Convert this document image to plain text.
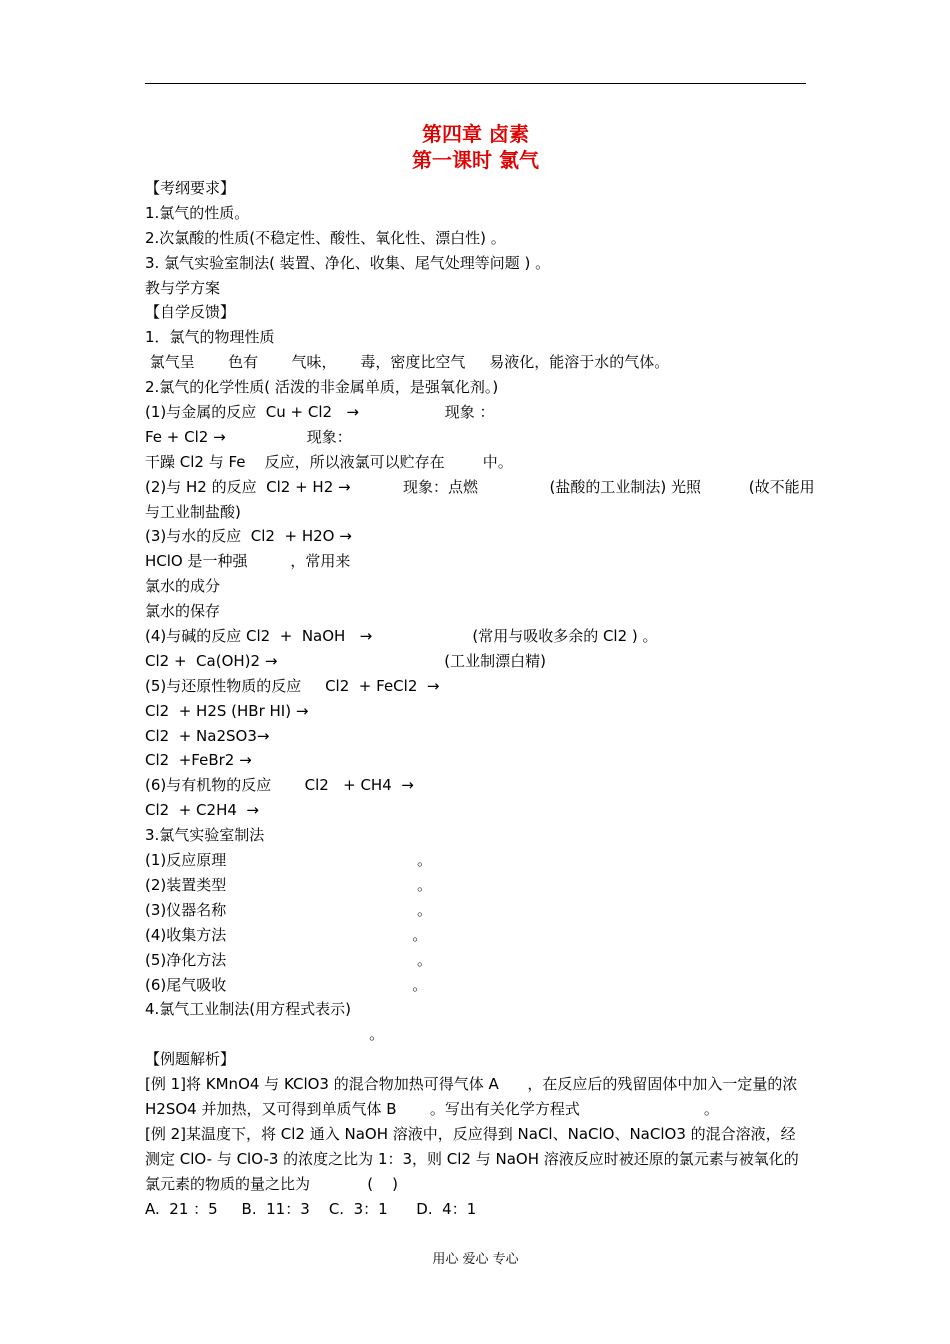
第四章 卤素
第一课时 氯气
【考纲要求】
1.氯气的性质。
2.次氯酸的性质(不稳定性、酸性、氧化性、漂白性) 。
3. 氯气实验室制法( 装置、净化、收集、尾气处理等问题 ) 。
教与学方案
【自学反馈】
1．氯气的物理性质
氯气呈       色有       气味，     毒，密度比空气     易液化，能溶于水的气体。
2.氯气的化学性质( 活泼的非金属单质，是强氧化剂。)
(1)与金属的反应  Cu + Cl2   →                  现象 ：
Fe + Cl2 →                 现象：
干躁 Cl2 与 Fe    反应，所以液氯可以贮存在        中。
(2)与 H2 的反应  Cl2 + H2 →           现象：点燃               (盐酸的工业制法) 光照          (故不能用
与工业制盐酸)
(3)与水的反应  Cl2  + H2O →
HClO 是一种强         ，常用来
氯水的成分
氯水的保存
(4)与碱的反应 Cl2  +  NaOH   →                     (常用与吸收多余的 Cl2 ) 。
Cl2 +  Ca(OH)2 →                                   (工业制漂白精)
(5)与还原性物质的反应     Cl2  + FeCl2  →
Cl2  + H2S (HBr HI) →
Cl2  + Na2SO3→
Cl2  +FeBr2 →
(6)与有机物的反应       Cl2   + CH4  →
Cl2  + C2H4  →
3.氯气实验室制法
(1)反应原理                                        。
(2)装置类型                                        。
(3)仪器名称                                        。
(4)收集方法                                       。
(5)净化方法                                        。
(6)尾气吸收                                       。
4.氯气工业制法(用方程式表示)
。
【例题解析】
[例 1]将 KMnO4 与 KClO3 的混合物加热可得气体 A      ，在反应后的残留固体中加入一定量的浓 H2SO4 并加热，又可得到单质气体 B       。写出有关化学方程式                          。
[例 2]某温度下，将 Cl2 通入 NaOH 溶液中，反应得到 NaCl、NaClO、NaClO3 的混合溶液，经测定 ClO- 与 ClO-3 的浓度之比为 1：3，则 Cl2 与 NaOH 溶液反应时被还原的氯元素与被氧化的氯元素的物质的量之比为            (    )
A.  21 ：5     B.  11：3    C.  3：1      D.  4：1
用心 爱心 专心
